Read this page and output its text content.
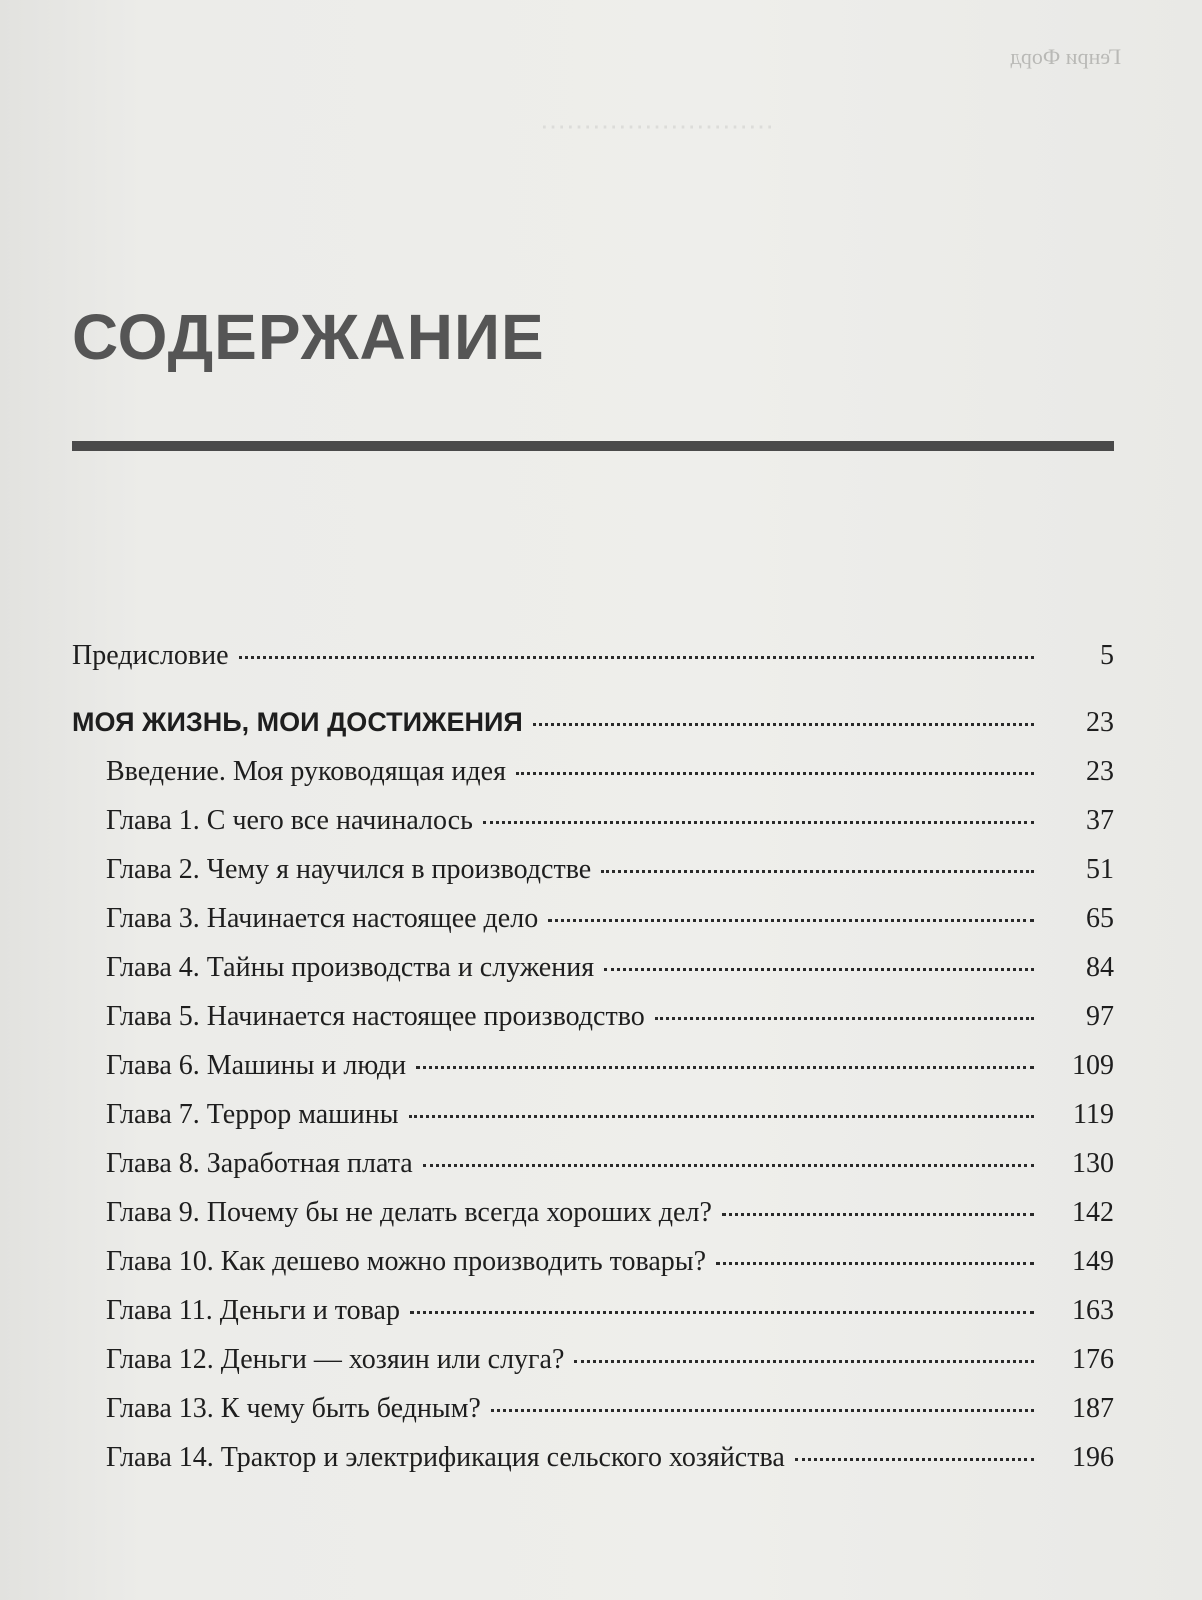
Генри Форд
⋯⋯⋯⋯⋯⋯⋯⋯⋯
СОДЕРЖАНИЕ
Предисловие	5
МОЯ ЖИЗНЬ, МОИ ДОСТИЖЕНИЯ	23
Введение. Моя руководящая идея	23
Глава 1. С чего все начиналось	37
Глава 2. Чему я научился в производстве	51
Глава 3. Начинается настоящее дело	65
Глава 4. Тайны производства и служения	84
Глава 5. Начинается настоящее производство	97
Глава 6. Машины и люди	109
Глава 7. Террор машины	119
Глава 8. Заработная плата	130
Глава 9. Почему бы не делать всегда хороших дел?	142
Глава 10. Как дешево можно производить товары?	149
Глава 11. Деньги и товар	163
Глава 12. Деньги — хозяин или слуга?	176
Глава 13. К чему быть бедным?	187
Глава 14. Трактор и электрификация сельского хозяйства	196
